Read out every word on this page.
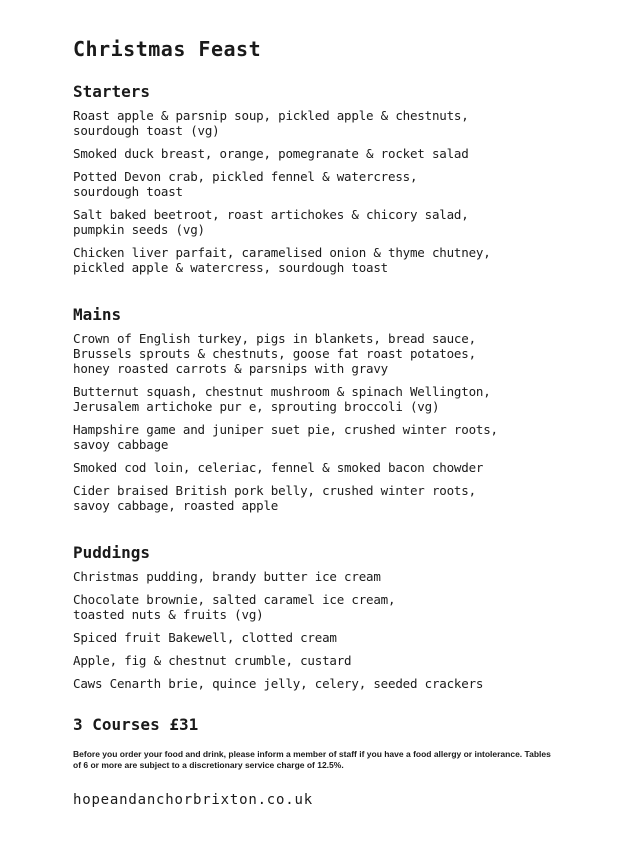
Christmas Feast
Starters
Roast apple & parsnip soup, pickled apple & chestnuts,
sourdough toast (vg)
Smoked duck breast, orange, pomegranate & rocket salad
Potted Devon crab, pickled fennel & watercress,
sourdough toast
Salt baked beetroot, roast artichokes & chicory salad,
pumpkin seeds (vg)
Chicken liver parfait, caramelised onion & thyme chutney,
pickled apple & watercress, sourdough toast
Mains
Crown of English turkey, pigs in blankets, bread sauce,
Brussels sprouts & chestnuts, goose fat roast potatoes,
honey roasted carrots & parsnips with gravy
Butternut squash, chestnut mushroom & spinach Wellington,
Jerusalem artichoke pur e, sprouting broccoli (vg)
Hampshire game and juniper suet pie, crushed winter roots,
savoy cabbage
Smoked cod loin, celeriac, fennel & smoked bacon chowder
Cider braised British pork belly, crushed winter roots,
savoy cabbage, roasted apple
Puddings
Christmas pudding, brandy butter ice cream
Chocolate brownie, salted caramel ice cream,
toasted nuts & fruits (vg)
Spiced fruit Bakewell, clotted cream
Apple, fig & chestnut crumble, custard
Caws Cenarth brie, quince jelly, celery, seeded crackers
3 Courses £31
Before you order your food and drink, please inform a member of staff if you have a food allergy or intolerance. Tables of 6 or more are subject to a discretionary service charge of 12.5%.
hopeandanchorbrixton.co.uk
